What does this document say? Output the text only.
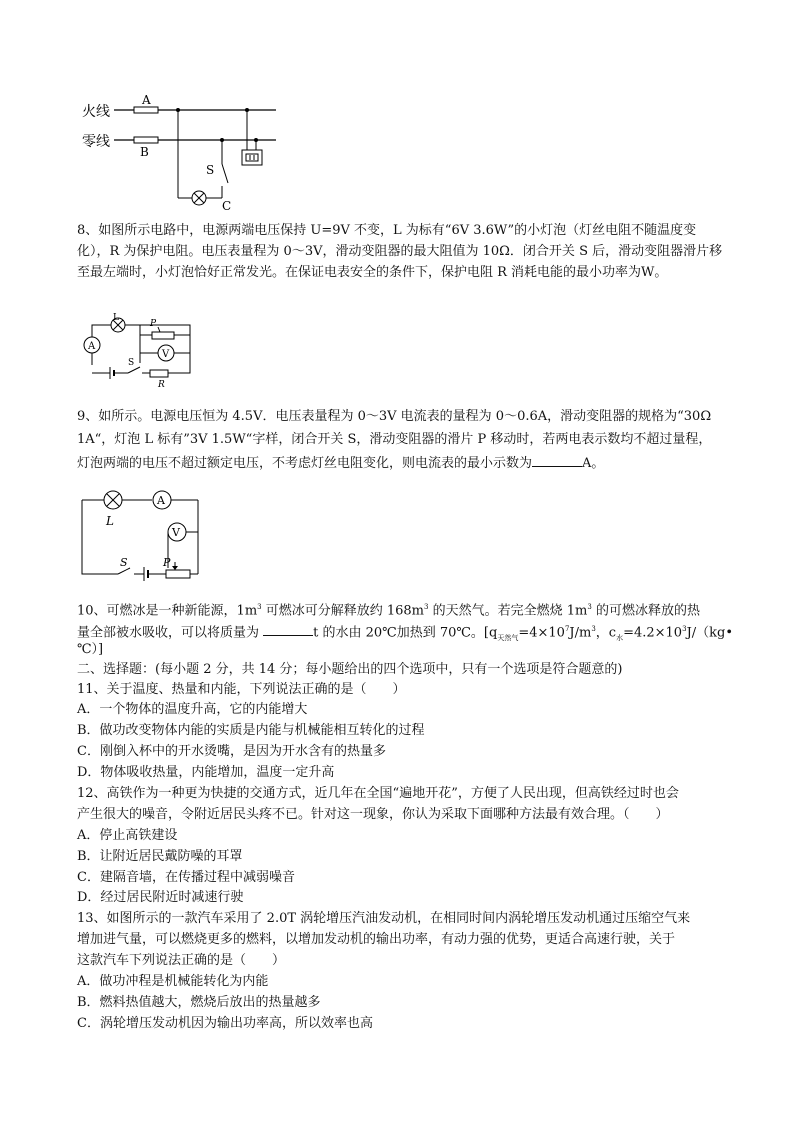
火线
零线
A
B
S
C

8、如图所示电路中，电源两端电压保持 U=9V 不变，L 为标有“6V 3.6W”的小灯泡（灯丝电阻不随温度变化），R 为保护电阻。电压表量程为 0～3V，滑动变阻器的最大阻值为 10Ω．闭合开关 S 后，滑动变阻器滑片移至最左端时，小灯泡恰好正常发光。在保证电表安全的条件下，保护电阻 R 消耗电能的最小功率为W。

A
L
P
V
S
R
9、如所示。电源电压恒为 4.5V．电压表量程为 0～3V 电流表的量程为 0～0.6A，滑动变阻器的规格为“30Ω
1A“，灯泡 L 标有”3V 1.5W“字样，闭合开关 S，滑动变阻器的滑片 P 移动时，若两电表示数均不超过量程，
灯泡两端的电压不超过额定电压，不考虑灯丝电阻变化，则电流表的最小示数为	A。
L
A
V
S	P
10、可燃冰是一种新能源，$1m^3$ 可燃冰可分解释放约 $168m^3$ 的天然气。若完全燃烧 $1m^3$ 的可燃冰释放的热
量全部被水吸收，可以将质量为	t 的水由 20℃加热到 70℃。[$q_{天然气}=4\times 10^7J/m^3$，$c_水=4.2\times 10^3J/(kg•$
℃）]
二、选择题：(每小题 2 分，共 14 分；每小题给出的四个选项中，只有一个选项是符合题意的)
11、关于温度、热量和内能，下列说法正确的是（　　）
A．一个物体的温度升高，它的内能增大
B．做功改变物体内能的实质是内能与机械能相互转化的过程
C．刚倒入杯中的开水烫嘴，是因为开水含有的热量多
D．物体吸收热量，内能增加，温度一定升高
12、高铁作为一种更为快捷的交通方式，近几年在全国“遍地开花”，方便了人民出现，但高铁经过时也会
产生很大的噪音，令附近居民头疼不已。针对这一现象，你认为采取下面哪种方法最有效合理。（　　）
A．停止高铁建设
B．让附近居民戴防噪的耳罩
C．建隔音墙，在传播过程中减弱噪音
D．经过居民附近时减速行驶
13、如图所示的一款汽车采用了 2.0T 涡轮增压汽油发动机，在相同时间内涡轮增压发动机通过压缩空气来
增加进气量，可以燃烧更多的燃料，以增加发动机的输出功率，有动力强的优势，更适合高速行驶，关于
这款汽车下列说法正确的是（　　）
A．做功冲程是机械能转化为内能
B．燃料热值越大，燃烧后放出的热量越多
C．涡轮增压发动机因为输出功率高，所以效率也高
